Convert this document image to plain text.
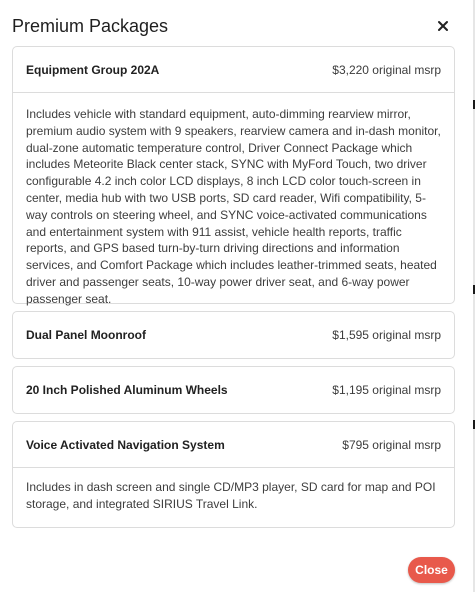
Premium Packages
Equipment Group 202A	$3,220 original msrp
Includes vehicle with standard equipment, auto-dimming rearview mirror, premium audio system with 9 speakers, rearview camera and in-dash monitor, dual-zone automatic temperature control, Driver Connect Package which includes Meteorite Black center stack, SYNC with MyFord Touch, two driver configurable 4.2 inch color LCD displays, 8 inch LCD color touch-screen in center, media hub with two USB ports, SD card reader, Wifi compatibility, 5-way controls on steering wheel, and SYNC voice-activated communications and entertainment system with 911 assist, vehicle health reports, traffic reports, and GPS based turn-by-turn driving directions and information services, and Comfort Package which includes leather-trimmed seats, heated driver and passenger seats, 10-way power driver seat, and 6-way power passenger seat.
Dual Panel Moonroof	$1,595 original msrp
20 Inch Polished Aluminum Wheels	$1,195 original msrp
Voice Activated Navigation System	$795 original msrp
Includes in dash screen and single CD/MP3 player, SD card for map and POI storage, and integrated SIRIUS Travel Link.
Close
